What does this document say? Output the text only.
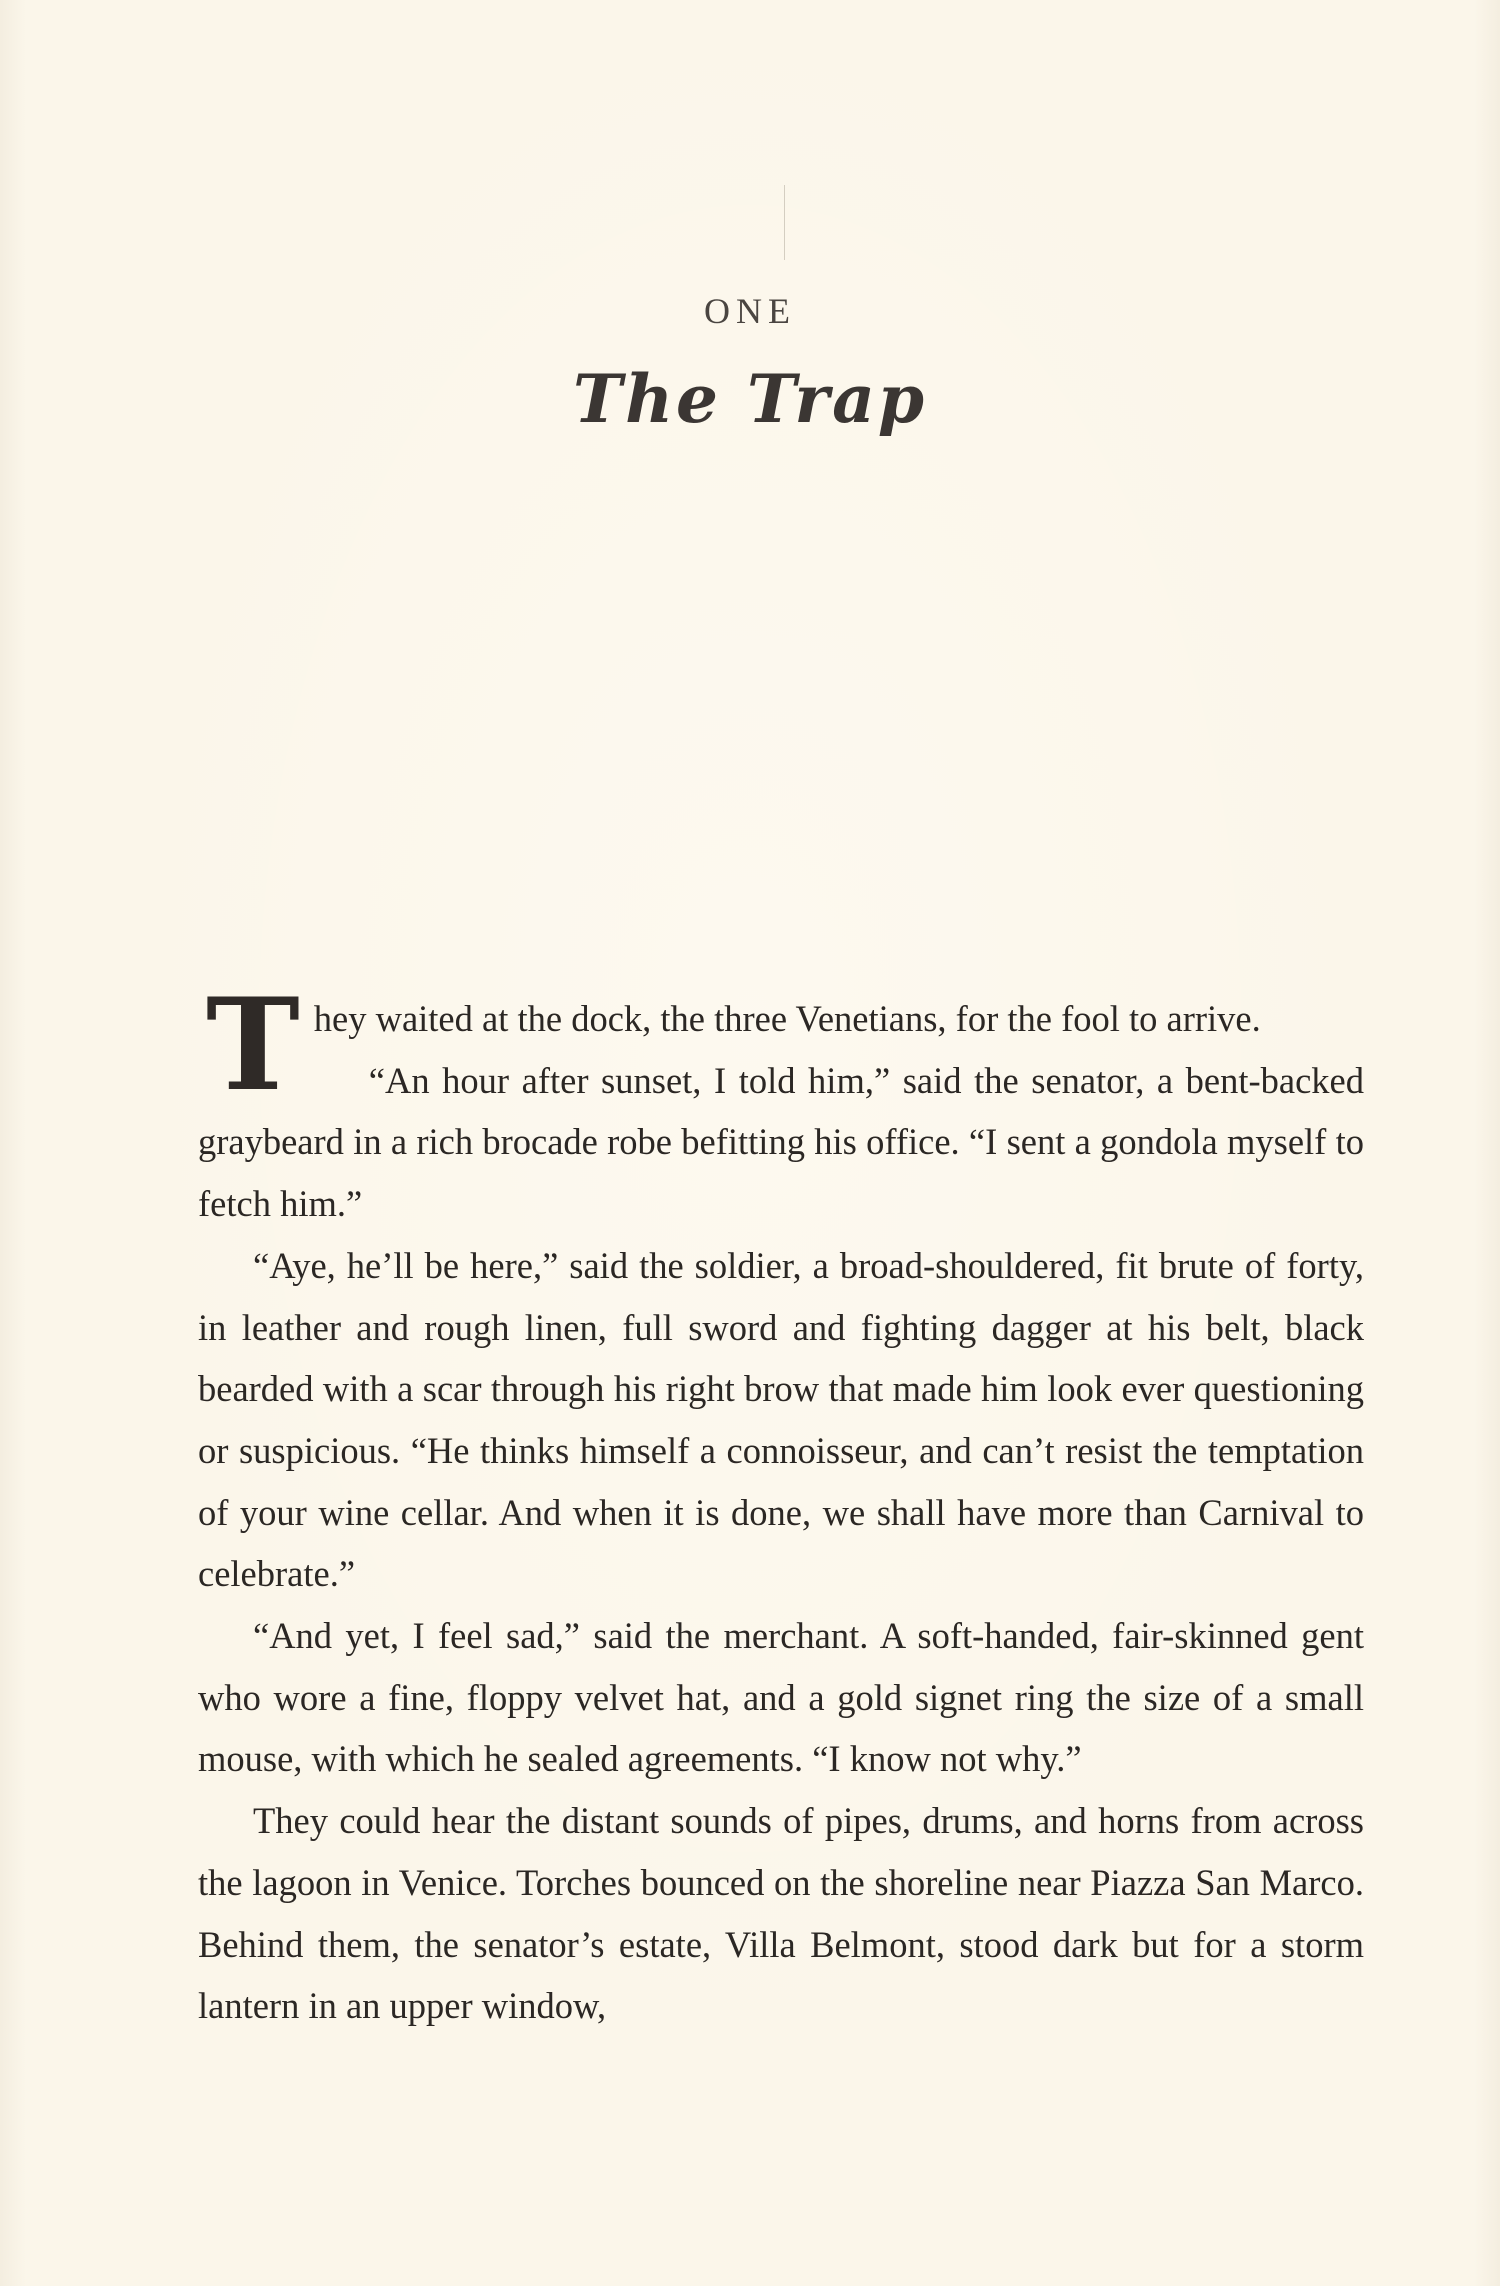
ONE
The Trap

They waited at the dock, the three Venetians, for the fool to arrive.

“An hour after sunset, I told him,” said the senator, a bent-backed graybeard in a rich brocade robe befitting his office. “I sent a gondola myself to fetch him.”

“Aye, he’ll be here,” said the soldier, a broad-shouldered, fit brute of forty, in leather and rough linen, full sword and fighting dagger at his belt, black bearded with a scar through his right brow that made him look ever questioning or suspicious. “He thinks himself a connoisseur, and can’t resist the temptation of your wine cellar. And when it is done, we shall have more than Carnival to celebrate.”

“And yet, I feel sad,” said the merchant. A soft-handed, fair-skinned gent who wore a fine, floppy velvet hat, and a gold signet ring the size of a small mouse, with which he sealed agreements. “I know not why.”

They could hear the distant sounds of pipes, drums, and horns from across the lagoon in Venice. Torches bounced on the shoreline near Piazza San Marco. Behind them, the senator’s estate, Villa Belmont, stood dark but for a storm lantern in an upper window,
